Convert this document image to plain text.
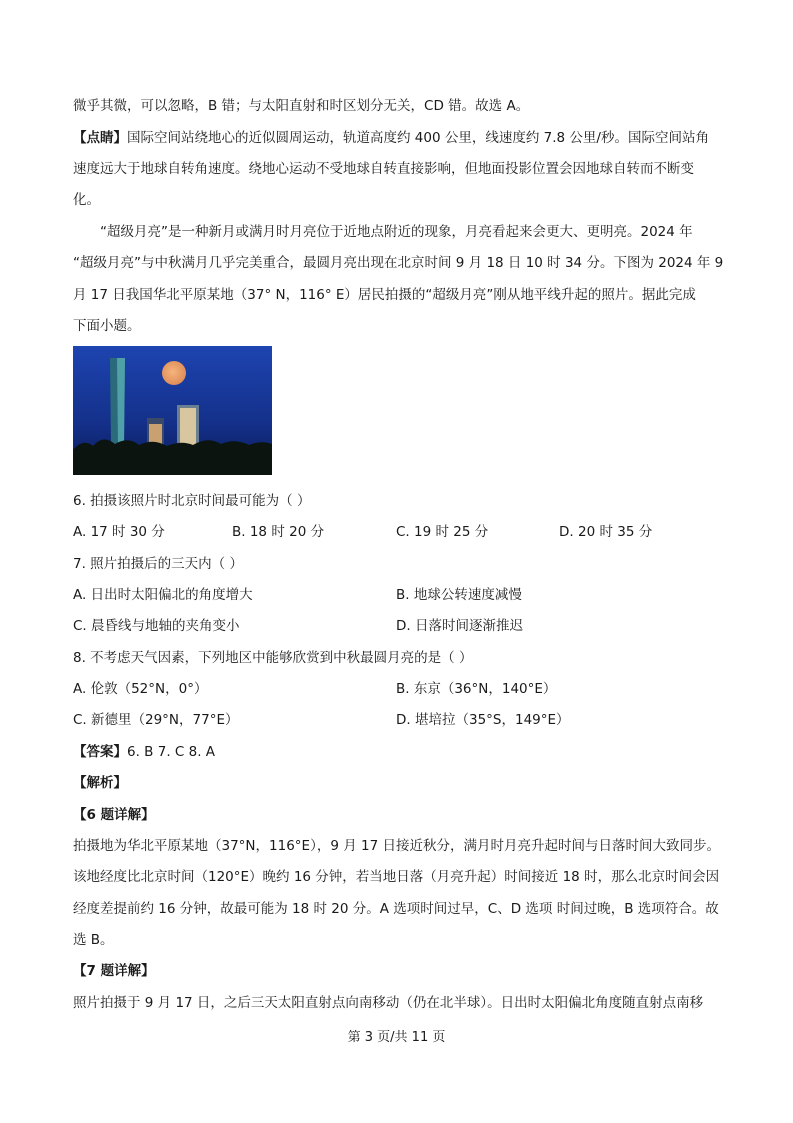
微乎其微，可以忽略，B 错；与太阳直射和时区划分无关，CD 错。故选 A。
【点睛】国际空间站绕地心的近似圆周运动，轨道高度约 400 公里，线速度约 7.8 公里/秒。国际空间站角
速度远大于地球自转角速度。绕地心运动不受地球自转直接影响，但地面投影位置会因地球自转而不断变
化。
“超级月亮”是一种新月或满月时月亮位于近地点附近的现象，月亮看起来会更大、更明亮。2024 年
“超级月亮”与中秋满月几乎完美重合，最圆月亮出现在北京时间 9 月 18 日 10 时 34 分。下图为 2024 年 9
月 17 日我国华北平原某地（37° N，116° E）居民拍摄的“超级月亮”刚从地平线升起的照片。据此完成
下面小题。
6. 拍摄该照片时北京时间最可能为（ ）
A. 17 时 30 分	B. 18 时 20 分	C. 19 时 25 分	D. 20 时 35 分
7. 照片拍摄后的三天内（ ）
A. 日出时太阳偏北的角度增大	B. 地球公转速度减慢
C. 晨昏线与地轴的夹角变小	D. 日落时间逐渐推迟
8. 不考虑天气因素，下列地区中能够欣赏到中秋最圆月亮的是（ ）
A. 伦敦（52°N，0°）	B. 东京（36°N，140°E）
C. 新德里（29°N，77°E）	D. 堪培拉（35°S，149°E）
【答案】6. B 7. C 8. A
【解析】
【6 题详解】
拍摄地为华北平原某地（37°N，116°E），9 月 17 日接近秋分，满月时月亮升起时间与日落时间大致同步。
该地经度比北京时间（120°E）晚约 16 分钟，若当地日落（月亮升起）时间接近 18 时，那么北京时间会因
经度差提前约 16 分钟，故最可能为 18 时 20 分。A 选项时间过早，C、D 选项 时间过晚，B 选项符合。故
选 B。
【7 题详解】
照片拍摄于 9 月 17 日，之后三天太阳直射点向南移动（仍在北半球）。日出时太阳偏北角度随直射点南移
第 3 页/共 11 页
